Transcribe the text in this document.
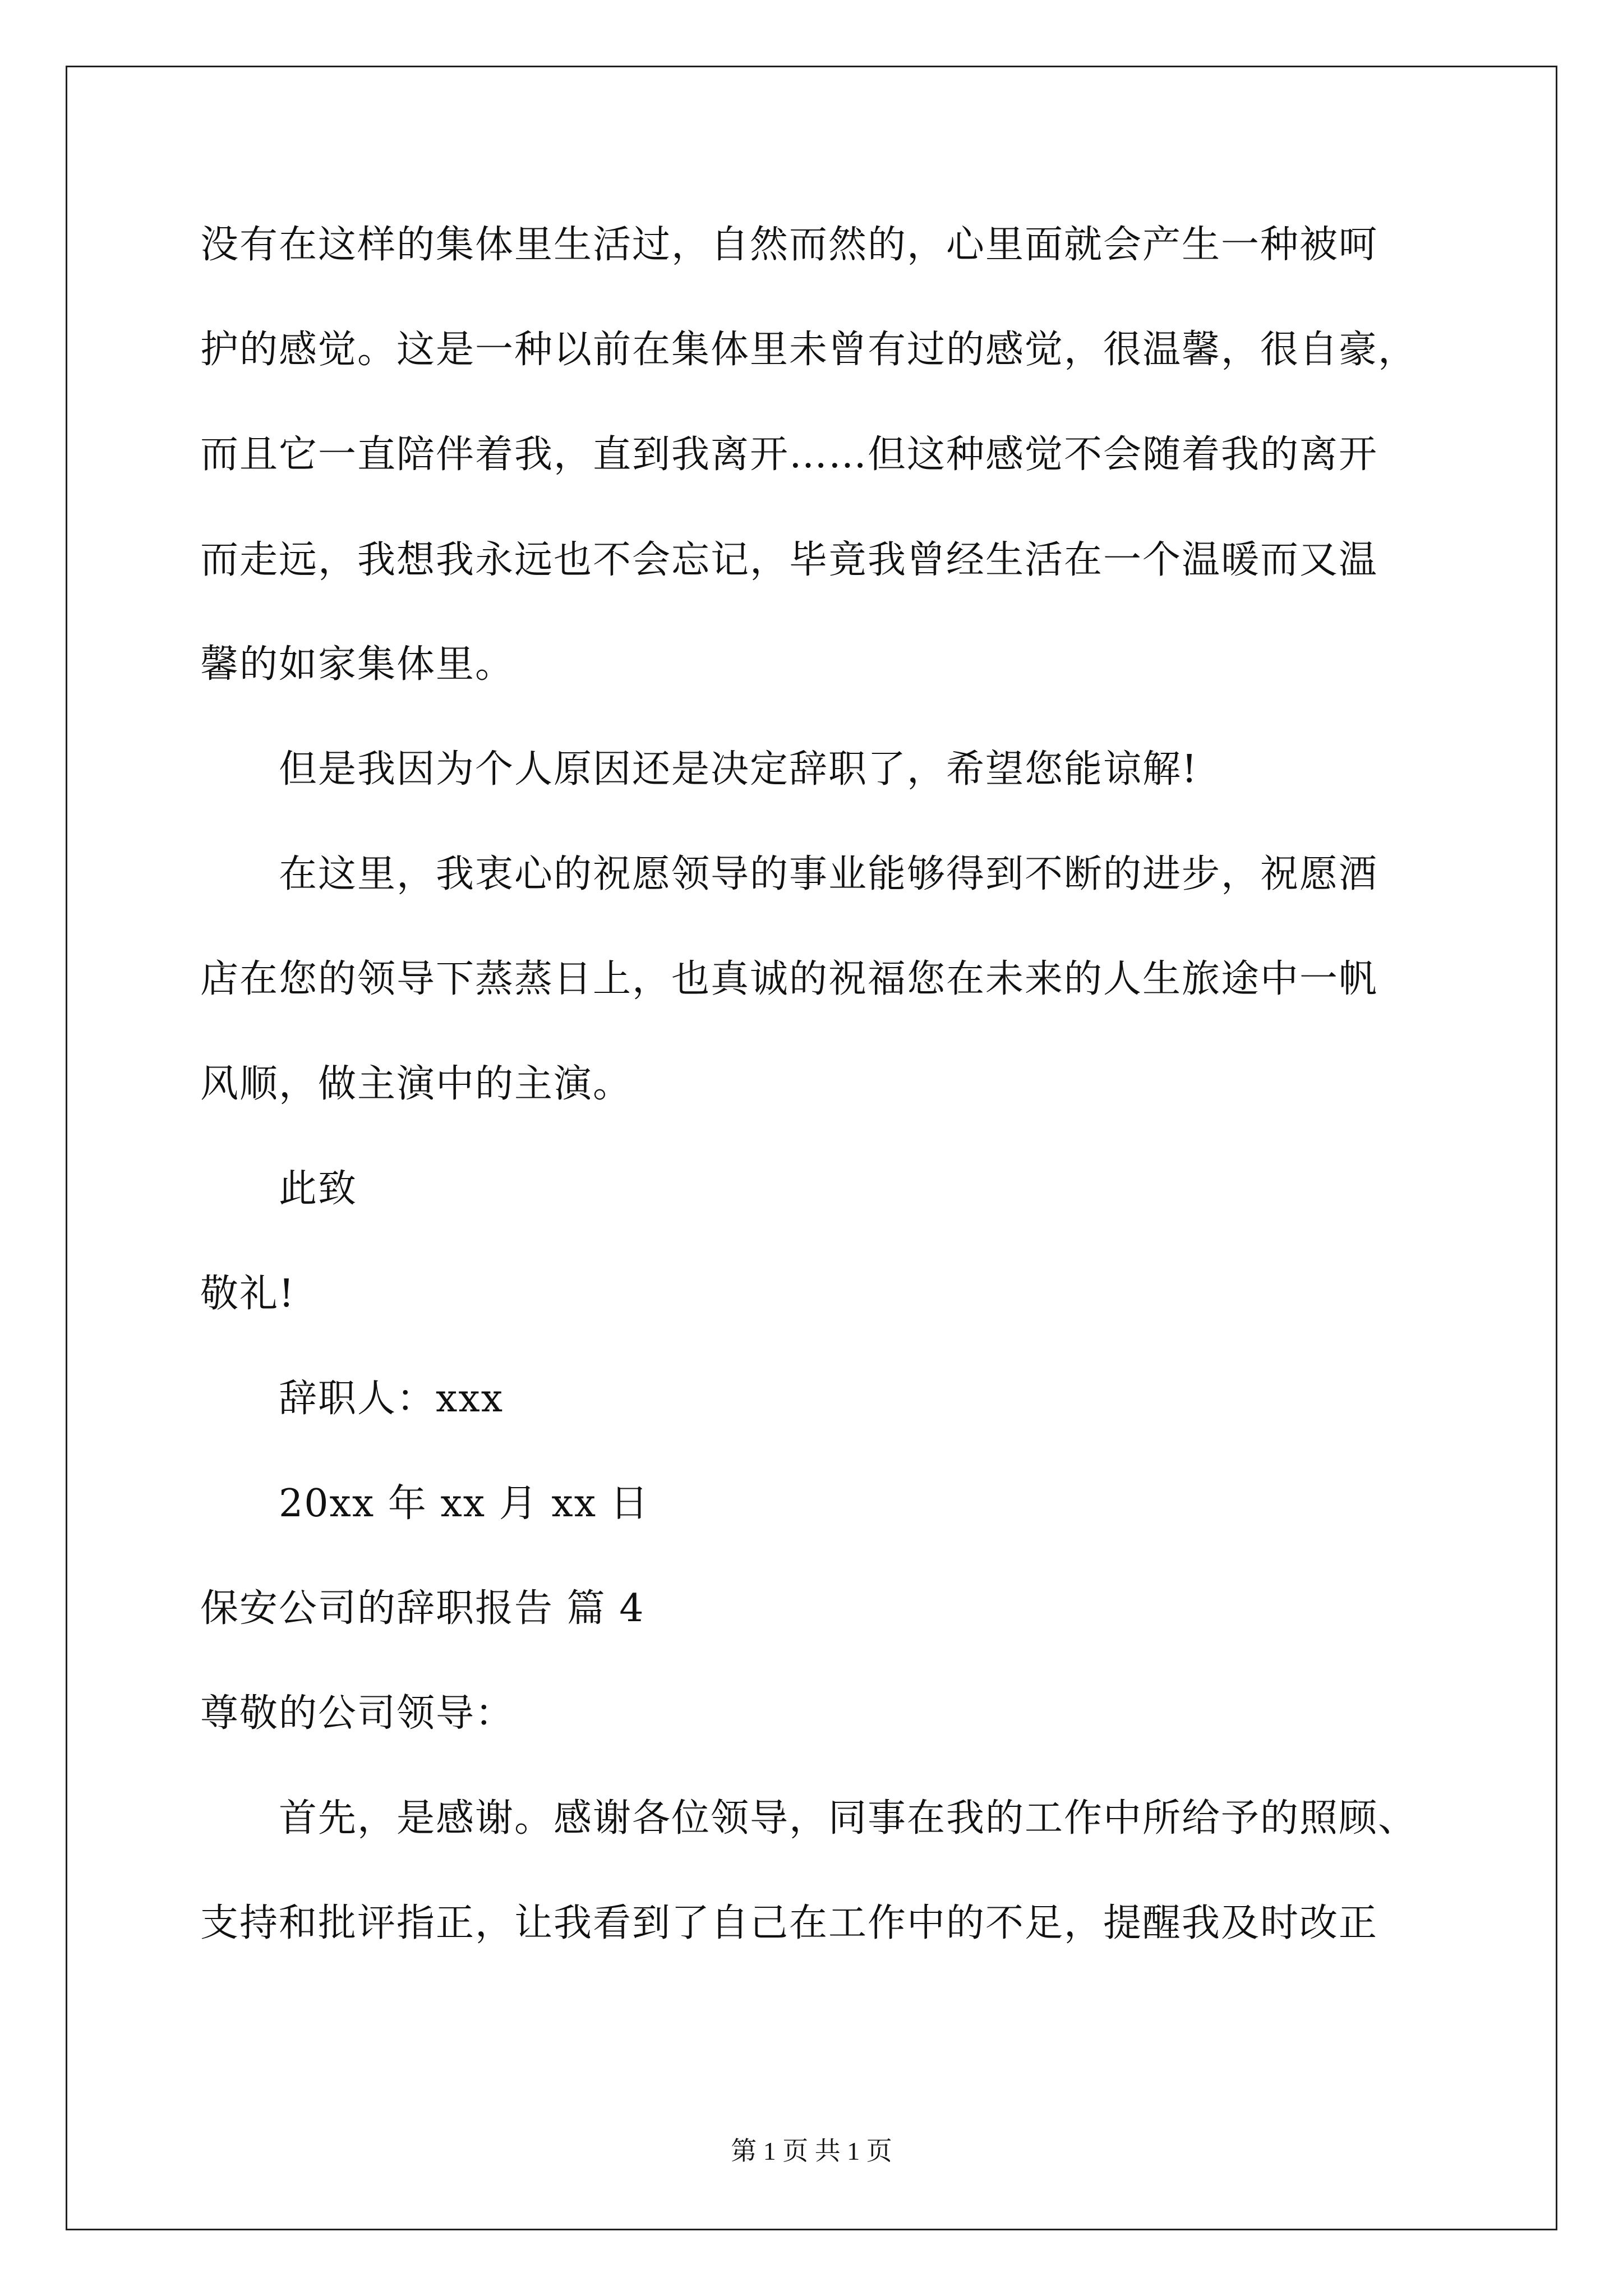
没有在这样的集体里生活过，自然而然的，心里面就会产生一种被呵
护的感觉。这是一种以前在集体里未曾有过的感觉，很温馨，很自豪，
而且它一直陪伴着我，直到我离开……但这种感觉不会随着我的离开
而走远，我想我永远也不会忘记，毕竟我曾经生活在一个温暖而又温
馨的如家集体里。
但是我因为个人原因还是决定辞职了，希望您能谅解!
在这里，我衷心的祝愿领导的事业能够得到不断的进步，祝愿酒
店在您的领导下蒸蒸日上，也真诚的祝福您在未来的人生旅途中一帆
风顺，做主演中的主演。
此致
敬礼!
辞职人：xxx
20xx 年 xx 月 xx 日
保安公司的辞职报告 篇 4
尊敬的公司领导：
首先，是感谢。感谢各位领导，同事在我的工作中所给予的照顾、
支持和批评指正，让我看到了自己在工作中的不足，提醒我及时改正
第 1 页 共 1 页
